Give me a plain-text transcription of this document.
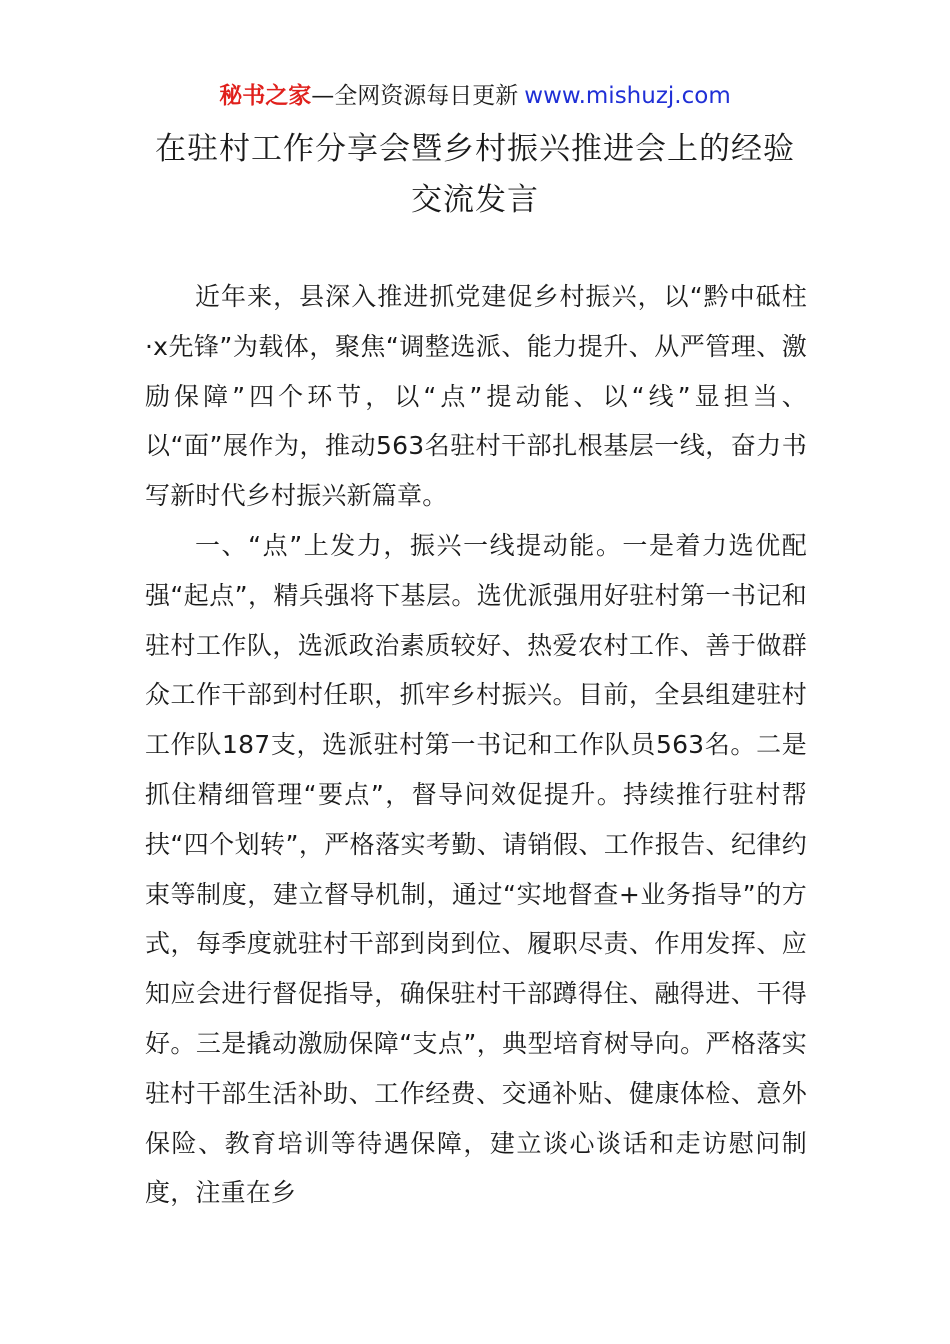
秘书之家—全网资源每日更新 www.mishuzj.com
在驻村工作分享会暨乡村振兴推进会上的经验交流发言

近年来，县深入推进抓党建促乡村振兴，以“黔中砥柱·x先锋”为载体，聚焦“调整选派、能力提升、从严管理、激励保障”四个环节，以“点”提动能、以“线”显担当、以“面”展作为，推动563名驻村干部扎根基层一线，奋力书写新时代乡村振兴新篇章。

一、“点”上发力，振兴一线提动能。一是着力选优配强“起点”，精兵强将下基层。选优派强用好驻村第一书记和驻村工作队，选派政治素质较好、热爱农村工作、善于做群众工作干部到村任职，抓牢乡村振兴。目前，全县组建驻村工作队187支，选派驻村第一书记和工作队员563名。二是抓住精细管理“要点”，督导问效促提升。持续推行驻村帮扶“四个划转”，严格落实考勤、请销假、工作报告、纪律约束等制度，建立督导机制，通过“实地督查+业务指导”的方式，每季度就驻村干部到岗到位、履职尽责、作用发挥、应知应会进行督促指导，确保驻村干部蹲得住、融得进、干得好。三是撬动激励保障“支点”，典型培育树导向。严格落实驻村干部生活补助、工作经费、交通补贴、健康体检、意外保险、教育培训等待遇保障，建立谈心谈话和走访慰问制度，注重在乡
